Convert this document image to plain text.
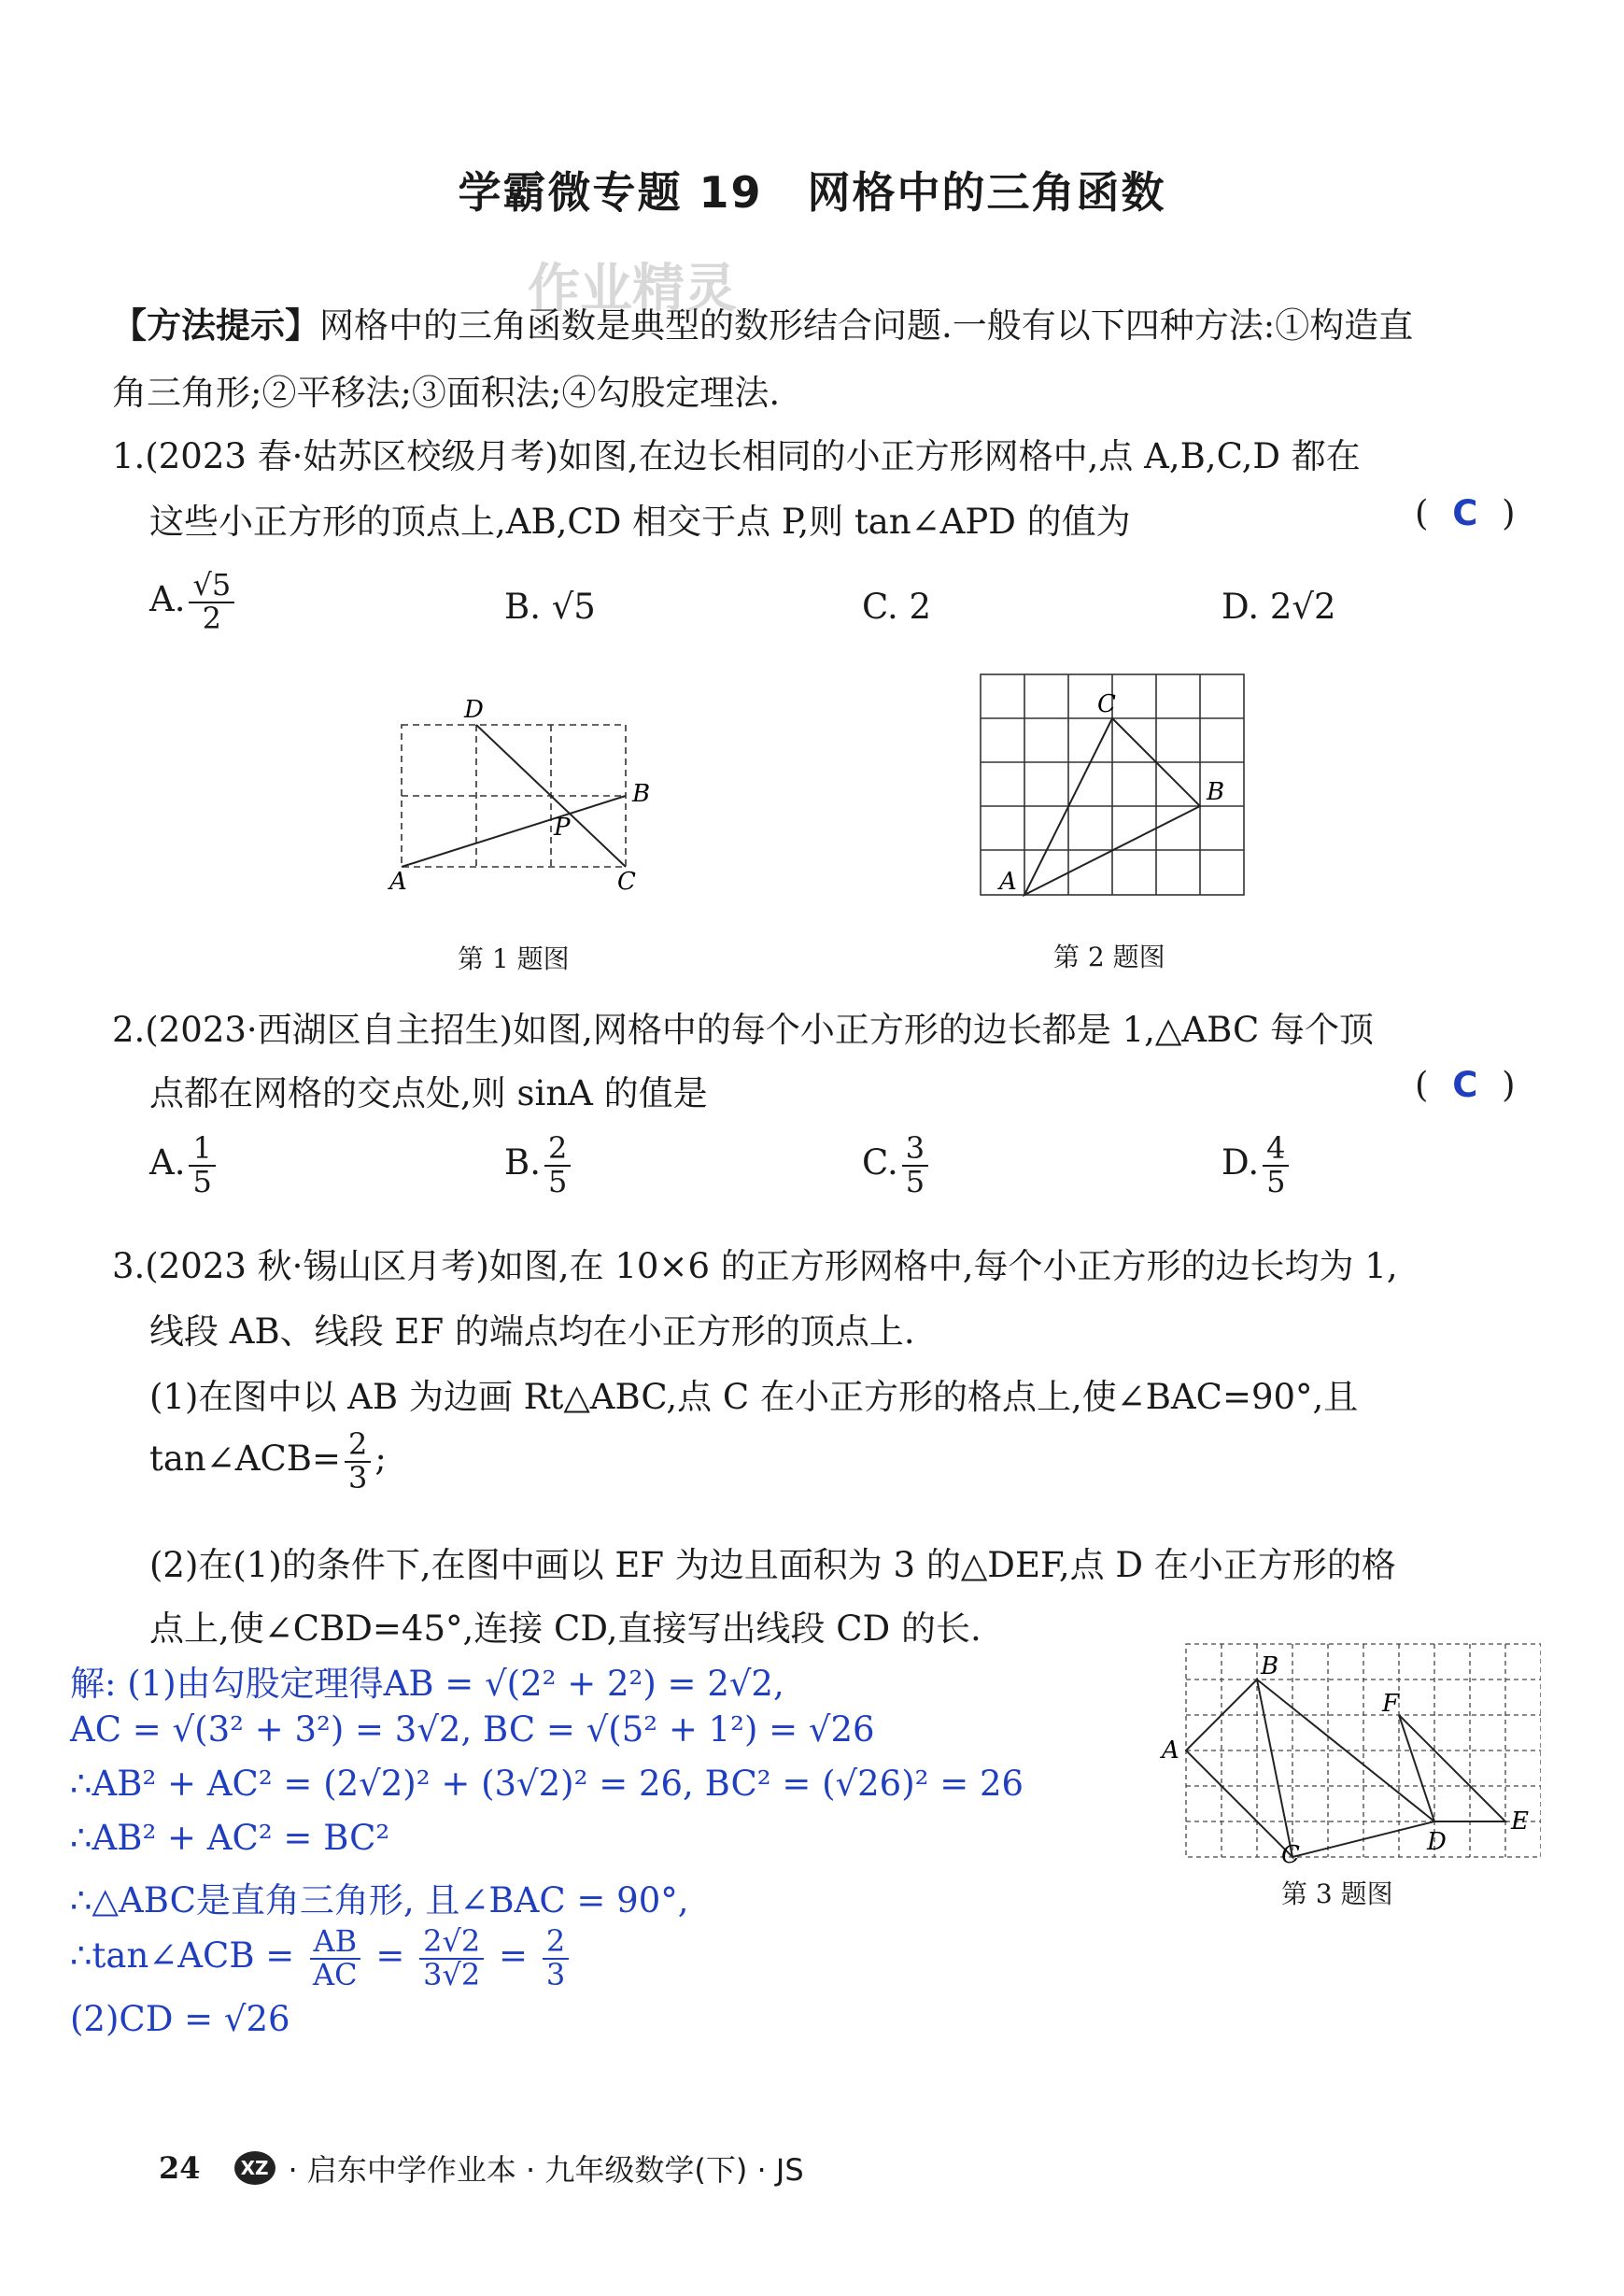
学霸微专题 19　网格中的三角函数
作业精灵
【方法提示】网格中的三角函数是典型的数形结合问题.一般有以下四种方法:①构造直
角三角形;②平移法;③面积法;④勾股定理法.
1.(2023 春·姑苏区校级月考)如图,在边长相同的小正方形网格中,点 A,B,C,D 都在
这些小正方形的顶点上,AB,CD 相交于点 P,则 tan∠APD 的值为	( C )
A. $\frac{√5}{2}$	B. √5	C. 2	D. 2√2
D
B
P
A	C
第 1 题图
C
B
A
第 2 题图
2.(2023·西湖区自主招生)如图,网格中的每个小正方形的边长都是 1,△ABC 每个顶
点都在网格的交点处,则 sinA 的值是	( C )
A. $\frac{1}{5}$	B. $\frac{2}{5}$	C. $\frac{3}{5}$	D. $\frac{4}{5}$
3.(2023 秋·锡山区月考)如图,在 10×6 的正方形网格中,每个小正方形的边长均为 1,
线段 AB、线段 EF 的端点均在小正方形的顶点上.
(1)在图中以 AB 为边画 Rt△ABC,点 C 在小正方形的格点上,使∠BAC=90°,且
tan∠ACB= $\frac{2}{3}$ ;
(2)在(1)的条件下,在图中画以 EF 为边且面积为 3 的△DEF,点 D 在小正方形的格
点上,使∠CBD=45°,连接 CD,直接写出线段 CD 的长.
B
F
A
D
E
C
第 3 题图
解: (1)由勾股定理得AB = √(2² + 2²) = 2√2,
AC = √(3² + 3²) = 3√2, BC = √(5² + 1²) = √26
∴AB² + AC² = (2√2)² + (3√2)² = 26, BC² = (√26)² = 26
∴AB² + AC² = BC²
∴△ABC是直角三角形, 且∠BAC = 90°,
∴tan∠ACB = $\frac{AB}{AC} = \frac{2√2}{3√2} = \frac{2}{3}$
(2)CD = √26
24	XZ · 启东中学作业本 · 九年级数学(下) · JS
